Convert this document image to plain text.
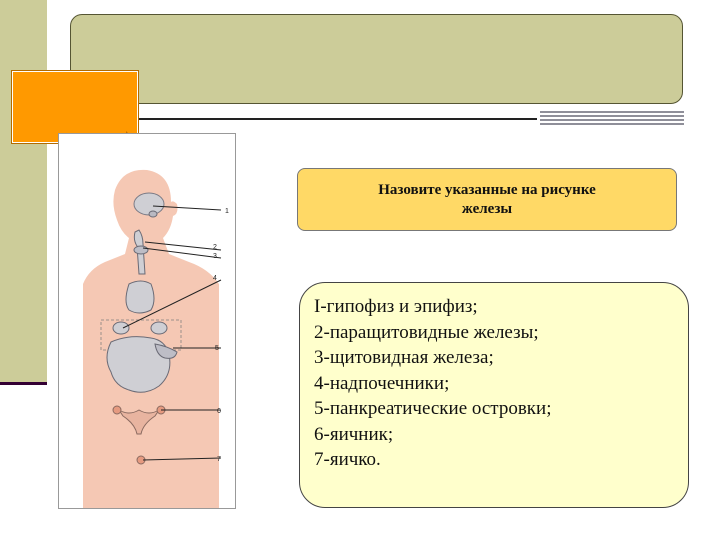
1
2
3
4
5
6
7
Назовите указанные на рисунке железы
I-гипофиз и эпифиз;
2-паращитовидные железы;
3-щитовидная железа;
4-надпочечники;
5-панкреатические островки;
6-яичник;
7-яичко.
